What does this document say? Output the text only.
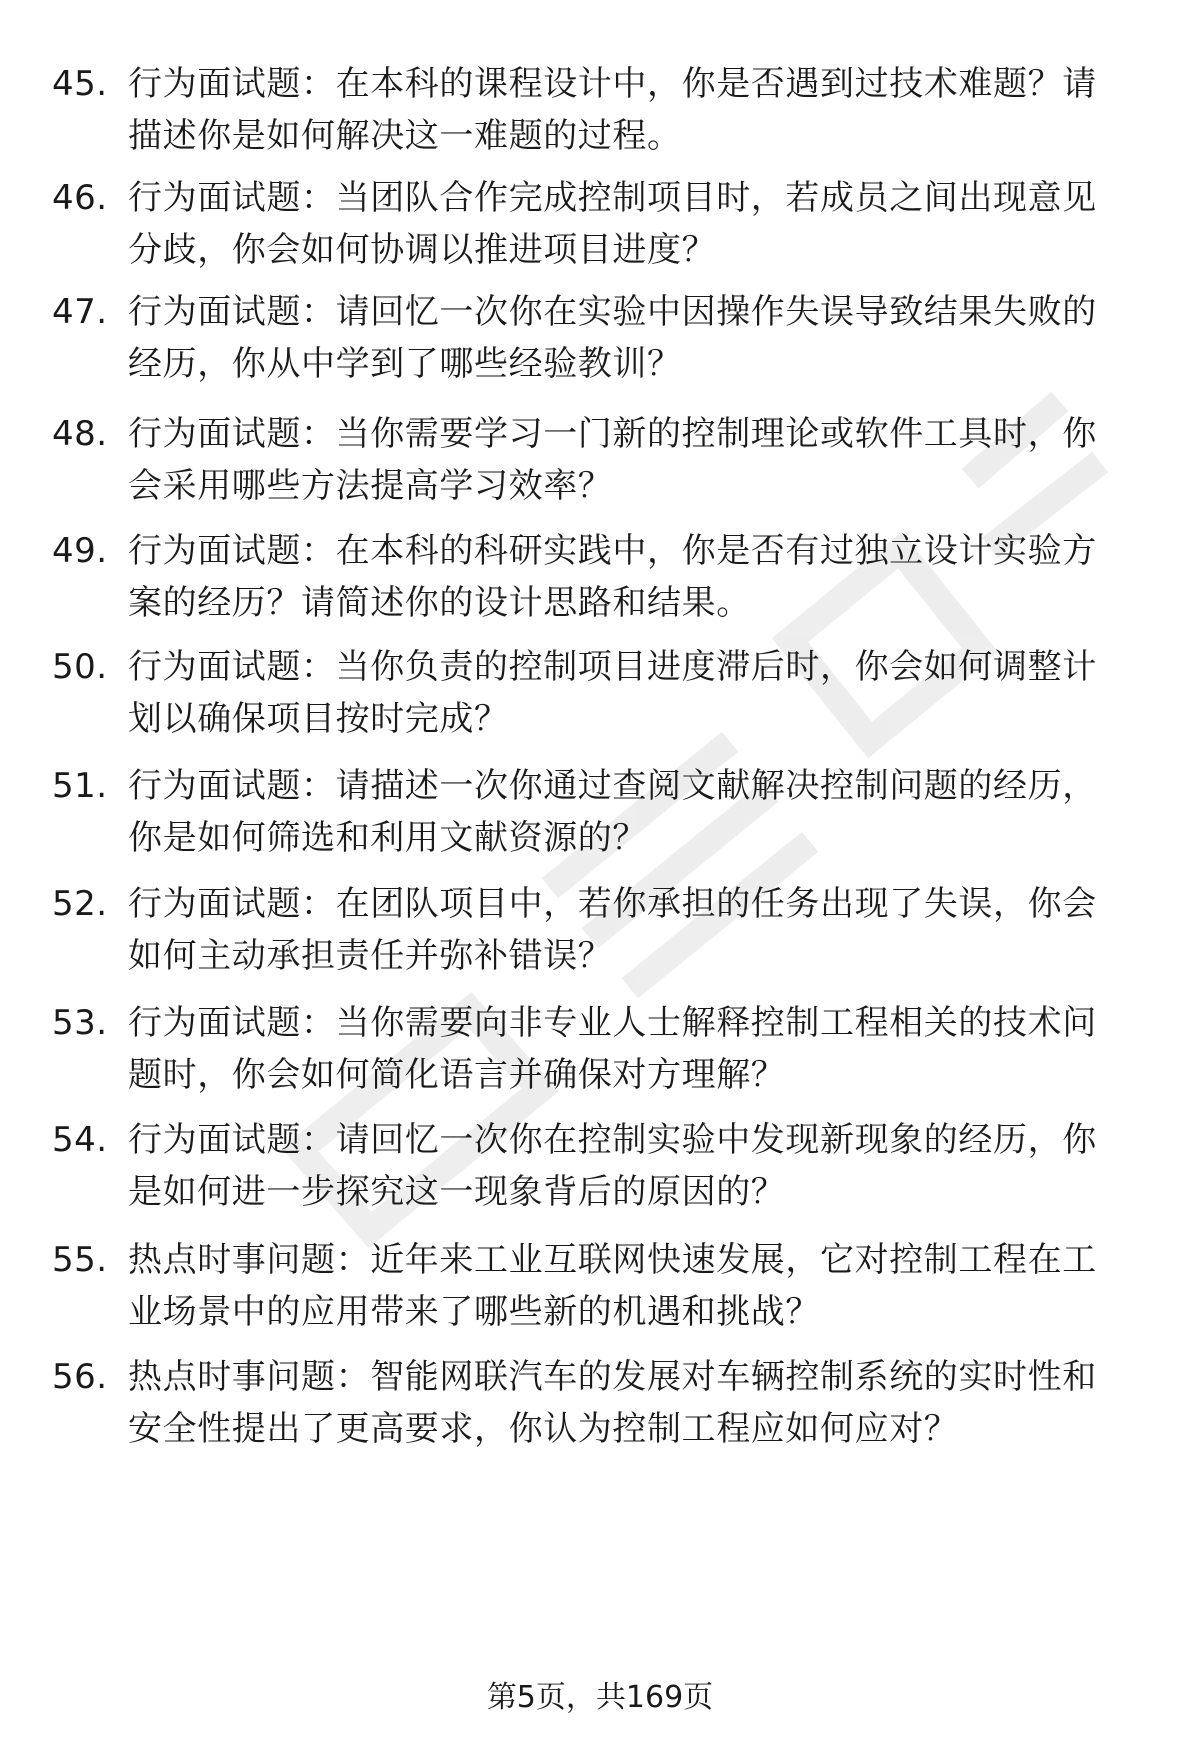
45. 行为面试题：在本科的课程设计中，你是否遇到过技术难题？请
描述你是如何解决这一难题的过程。
46. 行为面试题：当团队合作完成控制项目时，若成员之间出现意见
分歧，你会如何协调以推进项目进度？
47. 行为面试题：请回忆一次你在实验中因操作失误导致结果失败的
经历，你从中学到了哪些经验教训？
48. 行为面试题：当你需要学习一门新的控制理论或软件工具时，你
会采用哪些方法提高学习效率？
49. 行为面试题：在本科的科研实践中，你是否有过独立设计实验方
案的经历？请简述你的设计思路和结果。
50. 行为面试题：当你负责的控制项目进度滞后时，你会如何调整计
划以确保项目按时完成？
51. 行为面试题：请描述一次你通过查阅文献解决控制问题的经历，
你是如何筛选和利用文献资源的？
52. 行为面试题：在团队项目中，若你承担的任务出现了失误，你会
如何主动承担责任并弥补错误？
53. 行为面试题：当你需要向非专业人士解释控制工程相关的技术问
题时，你会如何简化语言并确保对方理解？
54. 行为面试题：请回忆一次你在控制实验中发现新现象的经历，你
是如何进一步探究这一现象背后的原因的？
55. 热点时事问题：近年来工业互联网快速发展，它对控制工程在工
业场景中的应用带来了哪些新的机遇和挑战？
56. 热点时事问题：智能网联汽车的发展对车辆控制系统的实时性和
安全性提出了更高要求，你认为控制工程应如何应对？
第5页，共169页
